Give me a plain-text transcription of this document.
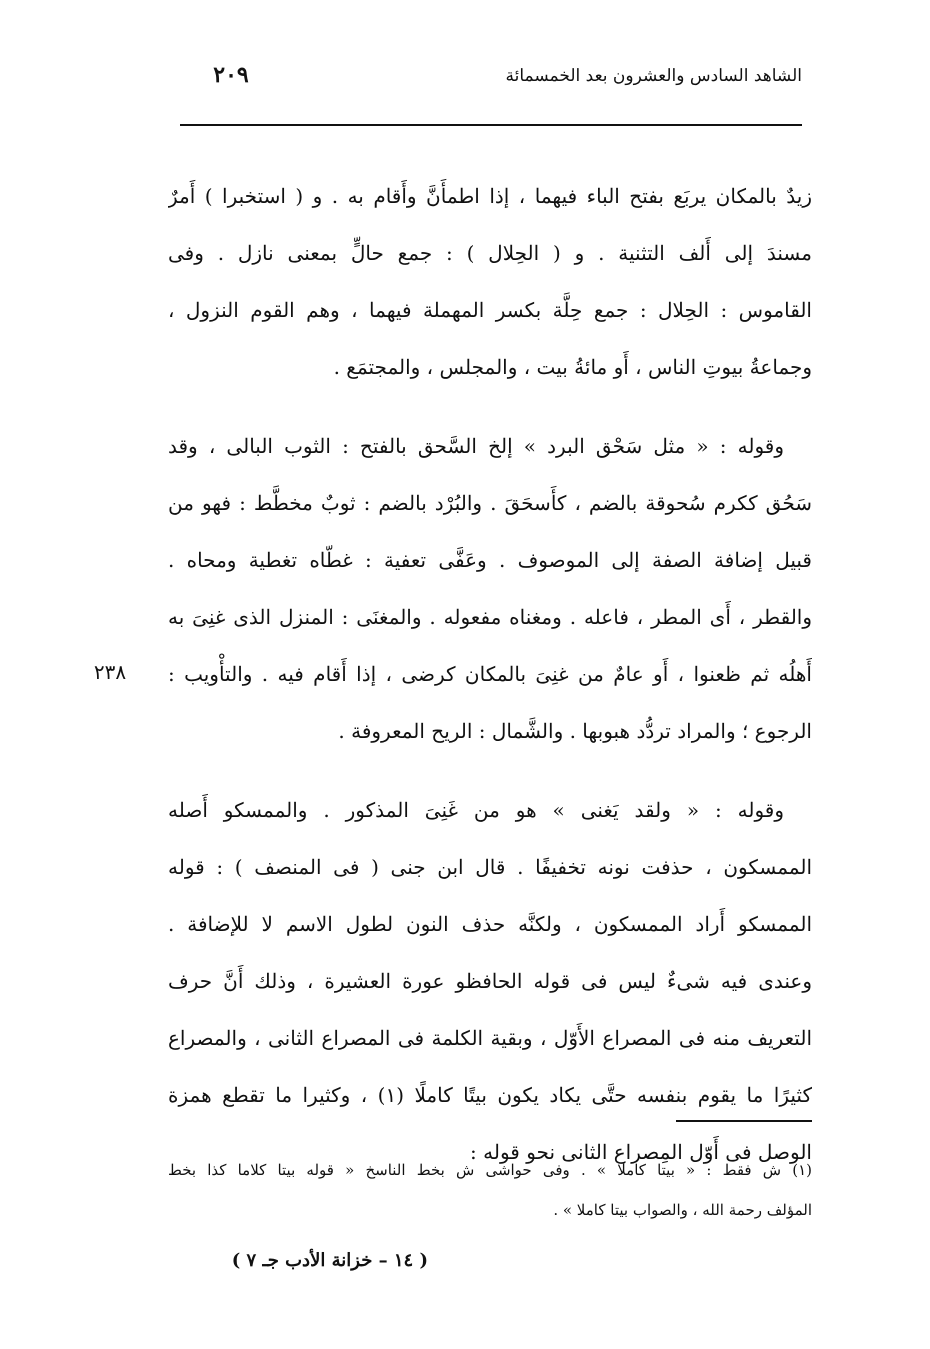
الشاهد السادس والعشرون بعد الخمسمائة
٢٠٩
زيدٌ بالمكان يربَع بفتح الباء فيهما ، إذا اطمأَنَّ وأَقام به . و ( استخبرا ) أَمرٌ
مسندَ إلى أَلف التثنية . و ( الحِلال ) : جمع حالٍّ بمعنى نازل . وفى
القاموس : الحِلال : جمع حِلَّة بكسر المهملة فيهما ، وهم القوم النزول ،
وجماعةُ بيوتِ الناس ، أَو مائةُ بيت ، والمجلس ، والمجتمَع .
وقوله : « مثل سَحْق البرد » إلخ السَّحق بالفتح : الثوب البالى ، وقد
سَحُق ككرم سُحوقة بالضم ، كأَسحَقَ . والبُرْد بالضم : ثوبٌ مخطَّط : فهو من
قبيل إضافة الصفة إلى الموصوف . وعَفَّى تعفية : غطّاه تغطية ومحاه .
والقطر ، أَى المطر ، فاعله . ومغناه مفعوله . والمغنَى : المنزل الذى غنِىَ به
أَهلُه ثم ظعنوا ، أَو عامٌ من غنِىَ بالمكان كرضى ، إذا أَقام فيه . والتأْويب :
الرجوع ؛ والمراد تردُّد هبوبها . والشَّمال : الريح المعروفة .
وقوله : « ولقد يَغنى » هو من غَنِىَ المذكور . والممسكو أَصله
الممسكون ، حذفت نونه تخفيفًا . قال ابن جنى ( فى المنصف ) : قوله
الممسكو أَراد الممسكون ، ولكنَّه حذف النون لطول الاسم لا للإضافة .
وعندى فيه شىءٌ ليس فى قوله الحافظو عورة العشيرة ، وذلك أَنَّ حرف
التعريف منه فى المصراع الأَوّل ، وبقية الكلمة فى المصراع الثانى ، والمصراع
كثيرًا ما يقوم بنفسه حتَّى يكاد يكون بيتًا كاملًا (١) ، وكثيرا ما تقطع همزة
الوصل فى أَوّل المِصراع الثانى نحو قوله :
٢٣٨
(١) ش فقط : « بيتا كاملا » . وفى حواشى ش بخط الناسخ « قوله بيتا كلاما كذا بخط
المؤلف رحمة الله ، والصواب بيتا كاملا » .
( ١٤ – خزانة الأدب جـ ٧ )
